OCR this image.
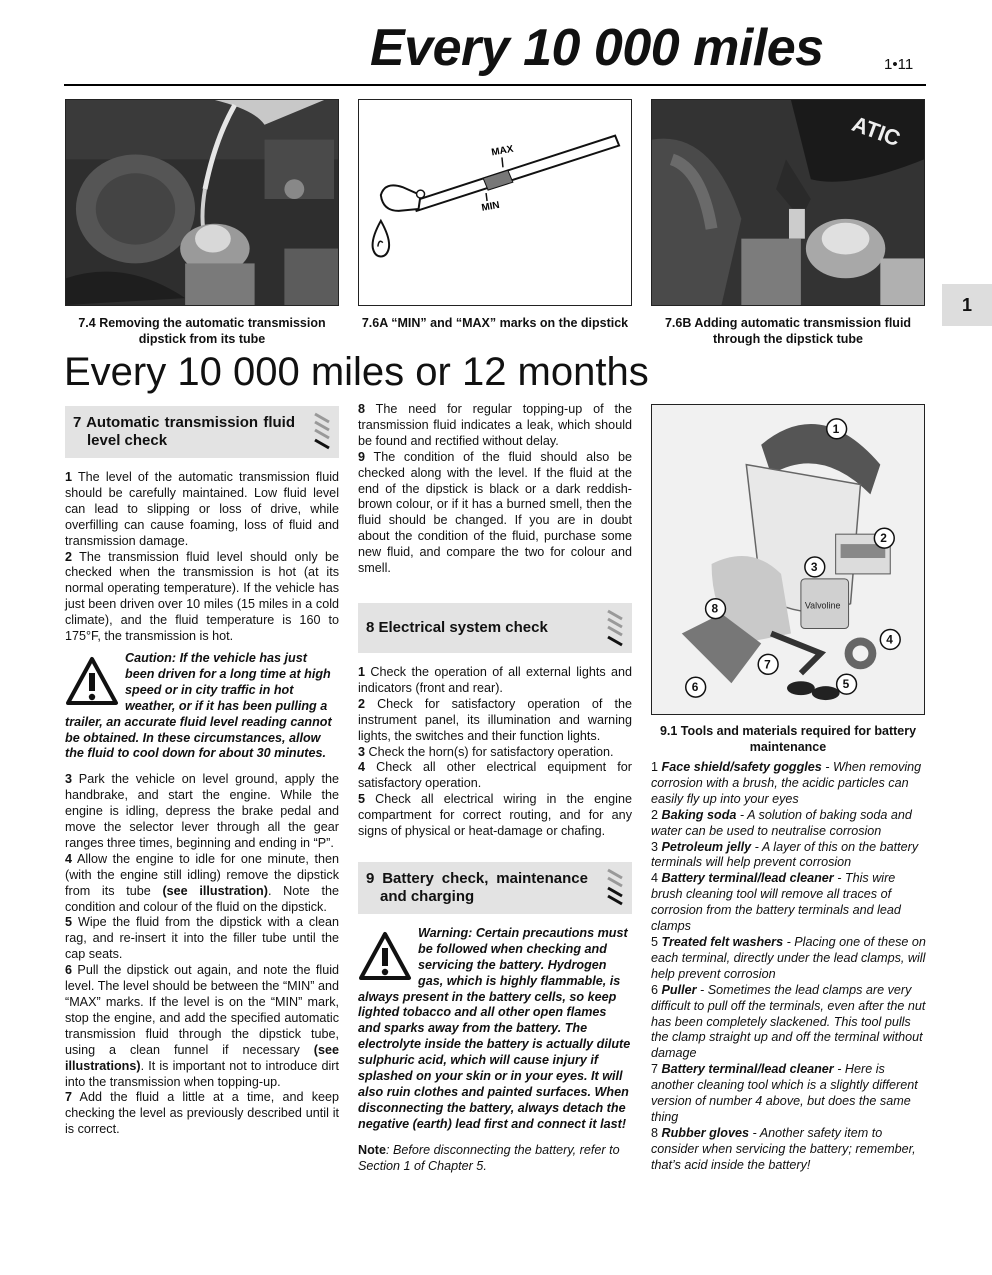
Every 10 000 miles	1•11
1
MAX
MIN
ATIC
7.4 Removing the automatic transmission dipstick from its tube
7.6A “MIN” and “MAX” marks on the dipstick	7.6B Adding automatic transmission fluid through the dipstick tube
Every 10 000 miles or 12 months
7 Automatic transmission fluid level check

1 The level of the automatic transmission fluid should be carefully maintained. Low fluid level can lead to slipping or loss of drive, while overfilling can cause foaming, loss of fluid and transmission damage.

2 The transmission fluid level should only be checked when the transmission is hot (at its normal operating temperature). If the vehicle has just been driven over 10 miles (15 miles in a cold climate), and the fluid temperature is 160 to 175°F, the transmission is hot.

Caution: If the vehicle has just been driven for a long time at high speed or in city traffic in hot weather, or if it has been pulling a trailer, an accurate fluid level reading cannot be obtained. In these circumstances, allow the fluid to cool down for about 30 minutes.

3 Park the vehicle on level ground, apply the handbrake, and start the engine. While the engine is idling, depress the brake pedal and move the selector lever through all the gear ranges three times, beginning and ending in “P”.

4 Allow the engine to idle for one minute, then (with the engine still idling) remove the dipstick from its tube (see illustration). Note the condition and colour of the fluid on the dipstick.

5 Wipe the fluid from the dipstick with a clean rag, and re-insert it into the filler tube until the cap seats.

6 Pull the dipstick out again, and note the fluid level. The level should be between the “MIN” and “MAX” marks. If the level is on the “MIN” mark, stop the engine, and add the specified automatic transmission fluid through the dipstick tube, using a clean funnel if necessary (see illustrations). It is important not to introduce dirt into the transmission when topping-up.

7 Add the fluid a little at a time, and keep checking the level as previously described until it is correct.

8 The need for regular topping-up of the transmission fluid indicates a leak, which should be found and rectified without delay.

9 The condition of the fluid should also be checked along with the level. If the fluid at the end of the dipstick is black or a dark reddish-brown colour, or if it has a burned smell, then the fluid should be changed. If you are in doubt about the condition of the fluid, purchase some new fluid, and compare the two for colour and smell.

8 Electrical system check

1 Check the operation of all external lights and indicators (front and rear).

2 Check for satisfactory operation of the instrument panel, its illumination and warning lights, the switches and their function lights.

3 Check the horn(s) for satisfactory operation.

4 Check all other electrical equipment for satisfactory operation.

5 Check all electrical wiring in the engine compartment for correct routing, and for any signs of physical or heat-damage or chafing.

9 Battery check, maintenance and charging
Warning: Certain precautions must be followed when checking and servicing the battery. Hydrogen gas, which is highly flammable, is always present in the battery cells, so keep lighted tobacco and all other open flames and sparks away from the battery. The electrolyte inside the battery is actually dilute sulphuric acid, which will cause injury if splashed on your skin or in your eyes. It will also ruin clothes and painted surfaces. When disconnecting the battery, always detach the negative (earth) lead first and connect it last!

Note: Before disconnecting the battery, refer to Section 1 of Chapter 5.

Valvoline
1
2
3
4
5
6
7
8
9.1 Tools and materials required for battery maintenance

1 Face shield/safety goggles - When removing corrosion with a brush, the acidic particles can easily fly up into your eyes

2 Baking soda - A solution of baking soda and water can be used to neutralise corrosion

3 Petroleum jelly - A layer of this on the battery terminals will help prevent corrosion

4 Battery terminal/lead cleaner - This wire brush cleaning tool will remove all traces of corrosion from the battery terminals and lead clamps

5 Treated felt washers - Placing one of these on each terminal, directly under the lead clamps, will help prevent corrosion

6 Puller - Sometimes the lead clamps are very difficult to pull off the terminals, even after the nut has been completely slackened. This tool pulls the clamp straight up and off the terminal without damage

7 Battery terminal/lead cleaner - Here is another cleaning tool which is a slightly different version of number 4 above, but does the same thing

8 Rubber gloves - Another safety item to consider when servicing the battery; remember, that’s acid inside the battery!
